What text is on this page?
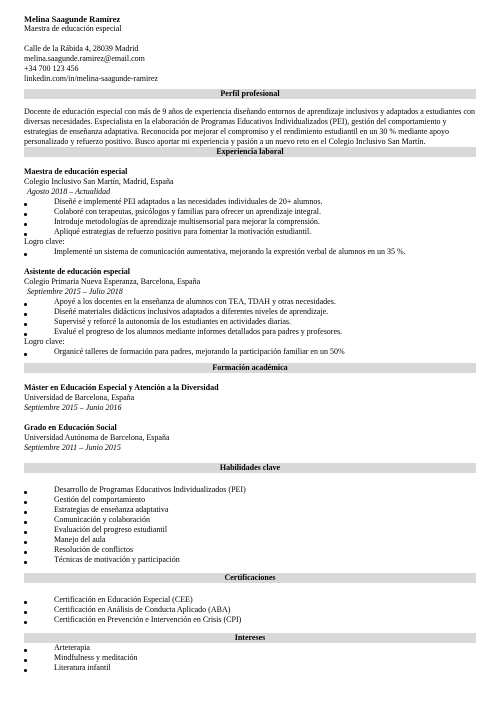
Melina Saagunde Ramírez
Maestra de educación especial
Calle de la Rábida 4, 28039 Madrid
melina.saagunde.ramirez@email.com
+34 700 123 456
linkedin.com/in/melina-saagunde-ramirez
Perfil profesional

Docente de educación especial con más de 9 años de experiencia diseñando entornos de aprendizaje inclusivos y adaptados a estudiantes con diversas necesidades. Especialista en la elaboración de Programas Educativos Individualizados (PEI), gestión del comportamiento y estrategias de enseñanza adaptativa. Reconocida por mejorar el compromiso y el rendimiento estudiantil en un 30 % mediante apoyo personalizado y refuerzo positivo. Busco aportar mi experiencia y pasión a un nuevo reto en el Colegio Inclusivo San Martín.

Experiencia laboral
Maestra de educación especial
Colegio Inclusivo San Martín, Madrid, España
Agosto 2018 – Actualidad
Diseñé e implementé PEI adaptados a las necesidades individuales de 20+ alumnos.
Colaboré con terapeutas, psicólogos y familias para ofrecer un aprendizaje integral.
Introduje metodologías de aprendizaje multisensorial para mejorar la comprensión.
Apliqué estrategias de refuerzo positivo para fomentar la motivación estudiantil.
Logro clave:
Implementé un sistema de comunicación aumentativa, mejorando la expresión verbal de alumnos en un 35 %.
Asistente de educación especial
Colegio Primaria Nueva Esperanza, Barcelona, España
Septiembre 2015 – Julio 2018
Apoyé a los docentes en la enseñanza de alumnos con TEA, TDAH y otras necesidades.
Diseñé materiales didácticos inclusivos adaptados a diferentes niveles de aprendizaje.
Supervisé y reforcé la autonomía de los estudiantes en actividades diarias.
Evalué el progreso de los alumnos mediante informes detallados para padres y profesores.
Logro clave:
Organicé talleres de formación para padres, mejorando la participación familiar en un 50%
Formación académica
Máster en Educación Especial y Atención a la Diversidad
Universidad de Barcelona, España
Septiembre 2015 – Junio 2016
Grado en Educación Social
Universidad Autónoma de Barcelona, España
Septiembre 2011 – Junio 2015
Habilidades clave
Desarrollo de Programas Educativos Individualizados (PEI)
Gestión del comportamiento
Estrategias de enseñanza adaptativa
Comunicación y colaboración
Evaluación del progreso estudiantil
Manejo del aula
Resolución de conflictos
Técnicas de motivación y participación
Certificaciones
Certificación en Educación Especial (CEE)
Certificación en Análisis de Conducta Aplicado (ABA)
Certificación en Prevención e Intervención en Crisis (CPI)
Intereses
Arteterapia
Mindfulness y meditación
Literatura infantil
